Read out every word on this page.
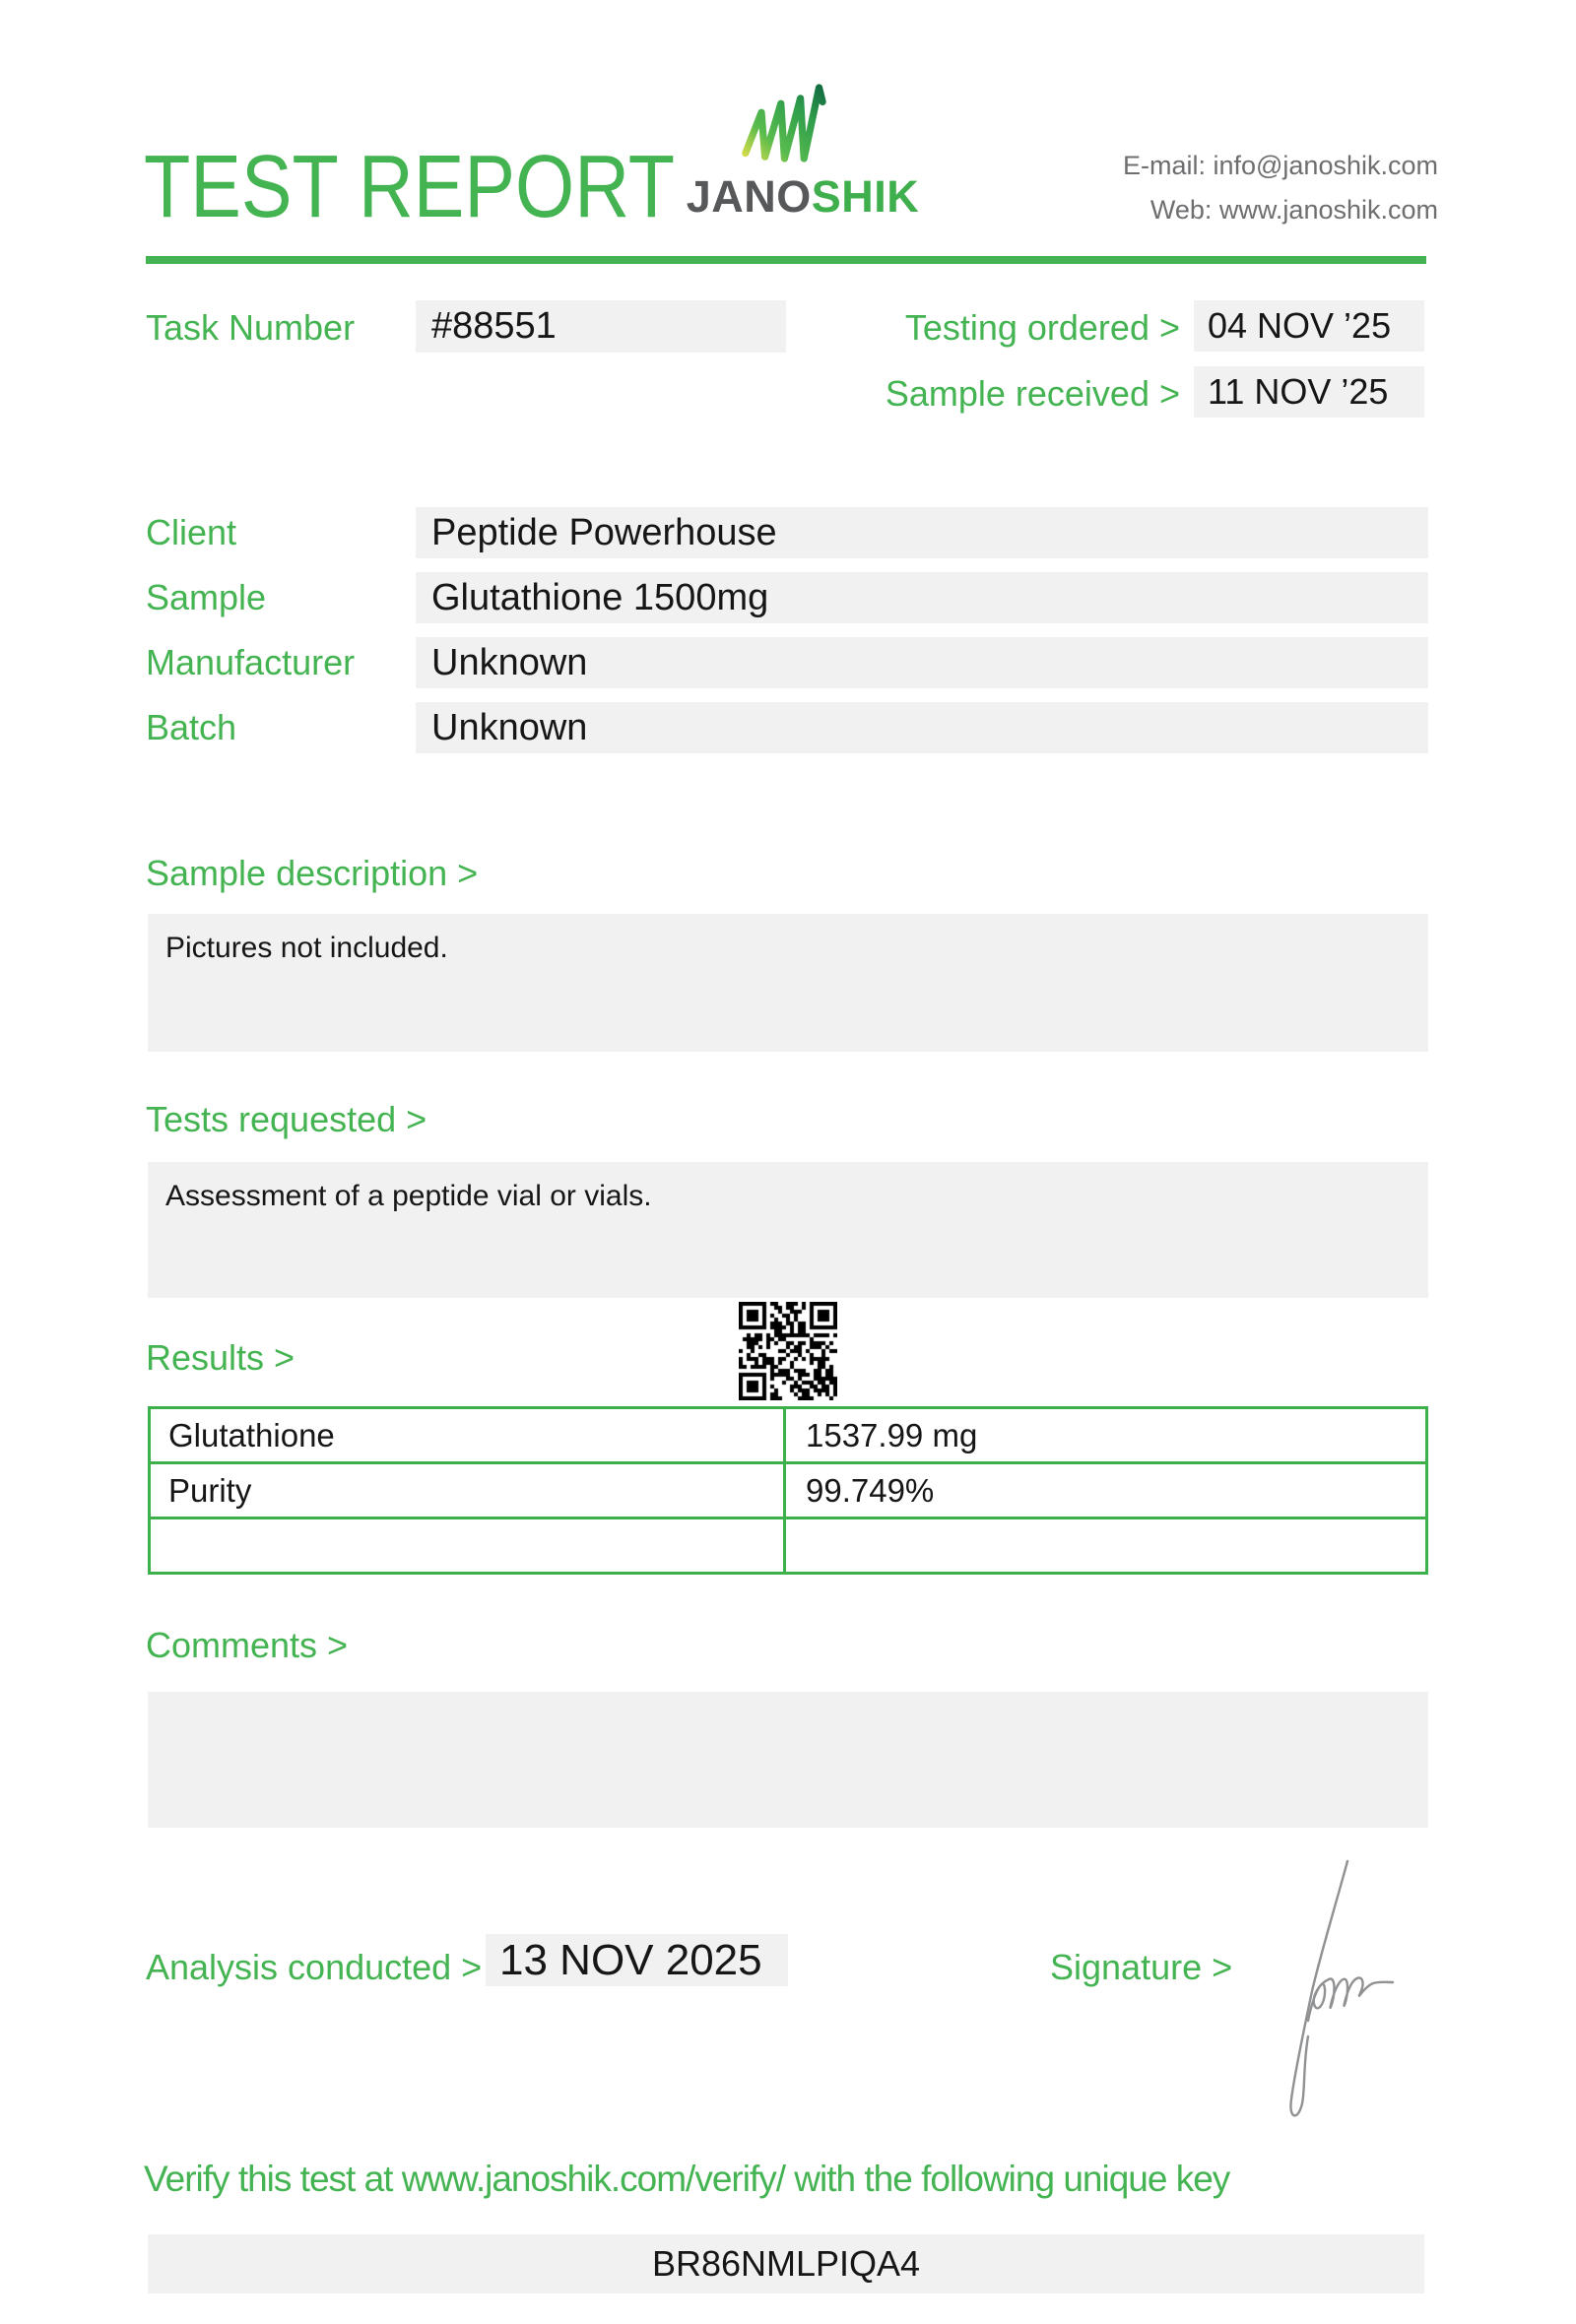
TEST REPORT JANOSHIK
E-mail: info@janoshik.com
Web: www.janoshik.com
Task Number	#88551	Testing ordered > 04 NOV ’25
Sample received > 11 NOV ’25
Client	Peptide Powerhouse
Sample	Glutathione 1500mg
Manufacturer	Unknown
Batch	Unknown
Sample description >
Pictures not included.
Tests requested >
Assessment of a peptide vial or vials.
Results >
Glutathione	1537.99 mg
Purity	99.749%
Comments >
Analysis conducted > 13 NOV 2025	Signature >
Verify this test at www.janoshik.com/verify/ with the following unique key
BR86NMLPIQA4
